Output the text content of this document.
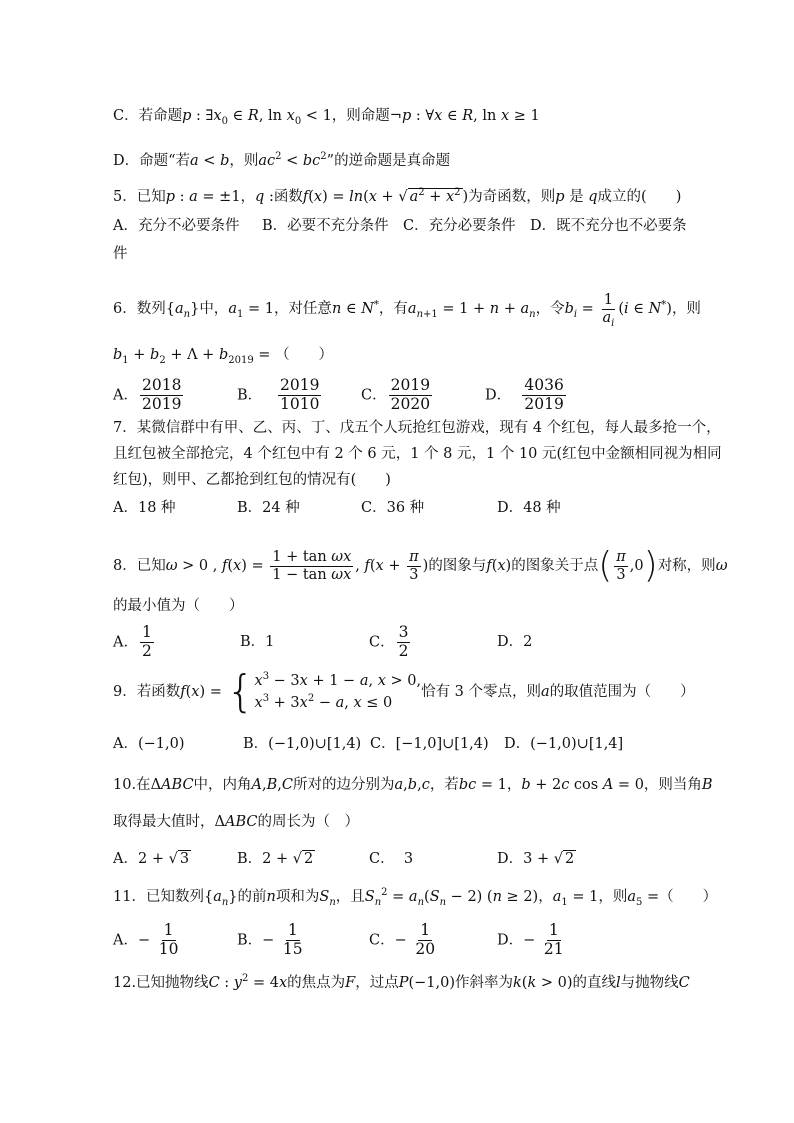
C．若命题p : $\exists x_0$ ∈ R, $\ln x_0 < 1$，则命题¬p : ∀x ∈ R, ln x ≥ 1
D．命题“若a < b，则$ac^2 < bc^2$”的逆命题是真命题
5．已知p : a = ±1，q :函数f(x) = ln(x + √ $a^2 + x^2$ )为奇函数，则p 是 q成立的(　　)
A．充分不必要条件 B．必要不充分条件 C．充分必要条件 D．既不充分也不必要条
件
6．数列$\{a_n\}$中，$a_1 = 1$，对任意n ∈ N*，有$a_{n+1} = 1 + n + a_n$，令$b_i = \frac{1}{a_i} (i$ ∈ N*)，则
$b_1 + b_2 + \Lambda + b_{2019}$ = （　　）
A． $\frac{2018}{2019}$	B． $\frac{2019}{1010}$	C． $\frac{2019}{2020}$	D． $\frac{4036}{2019}$
7．某微信群中有甲、乙、丙、丁、戊五个人玩抢红包游戏，现有 4 个红包，每人最多抢一个，
且红包被全部抢完，4 个红包中有 2 个 6 元，1 个 8 元，1 个 10 元(红包中金额相同视为相同
红包)，则甲、乙都抢到红包的情况有(　　)
A．18 种	B．24 种	C．36 种	D．48 种
8．已知ω > 0 , $f(x) = \frac{\text{1 + tan ωx}}{\text{1 − tan ωx}}$ , $f(x + \frac{\pi}{3}$ )的图象与f(x)的图象关于点( $\frac{\pi}{3} ,0$)对称，则ω
的最小值为（　　）
A． $\frac{1}{2}$	B．1	C． $\frac{3}{2}$	D．2
9．若函数f(x) = { $x^3 - 3x + 1 - a$, x > 0,
$x^3 + 3x^2 - a$, x ≤ 0
恰有 3 个零点，则a的取值范围为（　　）
A．(−1,0)	B．(−1,0)∪[1,4) C．[−1,0]∪[1,4) D．(−1,0)∪[1,4]
10.在ΔABC中，内角A,B,C所对的边分别为a,b,c，若bc = 1，b + 2c cos A = 0，则当角B
取得最大值时，ΔABC的周长为（　）
A．2 + √ 3	B．2 + √ 2	C． 3	D．3 + √ 2
11．已知数列$\{a_n\}$的前n项和为$S_n$，且$S_n^2 = a_n(S_n - 2) (n \ge 2)$，$a_1 = 1$，则$a_5$ =（　　）
A．− $\frac{1}{10}$	B．− $\frac{1}{15}$	C．− $\frac{1}{20}$	D．− $\frac{1}{21}$
12.已知抛物线C : $y^2 = 4x$的焦点为F，过点P(−1,0)作斜率为k(k > 0)的直线l与抛物线C
